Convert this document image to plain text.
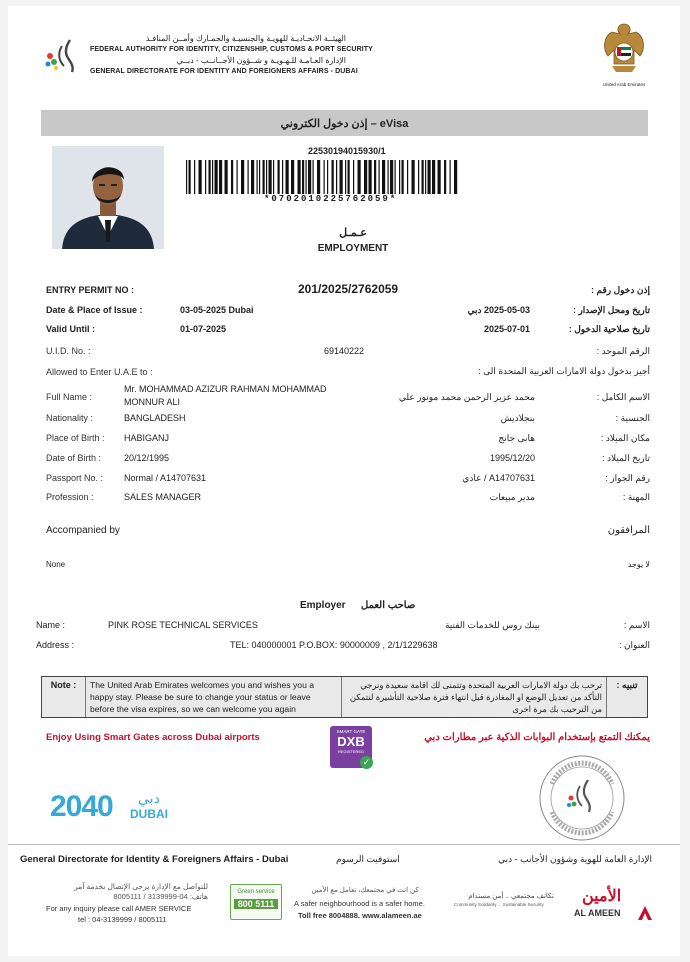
الهيئــة الاتحـاديـة للهويـة والجنسيـة والجمـارك وأمــن المنافـذ
FEDERAL AUTHORITY FOR IDENTITY, CITIZENSHIP, CUSTOMS & PORT SECURITY
الإدارة العـامـة للـهـويـة و شــؤون الأجــانــب - دبــي
GENERAL DIRECTORATE FOR IDENTITY AND FOREIGNERS AFFAIRS - DUBAI
United Arab Emirates
إذن دخول الكتروني – eVisa
22530194015930/1
*0702010225762059*
عـمـل
EMPLOYMENT
ENTRY PERMIT NO :	201/2025/2762059	إذن دخول رقم :
Date & Place of Issue :	03-05-2025 Dubai	2025-05-03 دبي	تاريخ ومحل الإصدار :
Valid Until :	01-07-2025	2025-07-01	تاريخ صلاحية الدخول :
U.I.D. No. :	69140222	الرقم الموحد :
Allowed to Enter U.A.E to :	أجيز بدخول دولة الامارات العربية المتحدة الى :
Full Name :
Mr. MOHAMMAD AZIZUR RAHMAN MOHAMMAD
MONNUR ALI	محمد عزيز الرحمن محمد مونور علي	الاسم الكامل :
Nationality :	BANGLADESH	بنجلاديش	الجنسية :
Place of Birth : HABIGANJ	هابى جانج	مكان الميلاد :
Date of Birth :	20/12/1995	1995/12/20	تاريخ الميلاد :
Passport No. : Normal / A14707631	A14707631 / عادي	رقم الجواز :
Profession :	SALES MANAGER	مدير مبيعات	المهنة :
Accompanied by	المرافقون
None	لا يوجد
Employer صاحب العمل
Name :	PINK ROSE TECHNICAL SERVICES	بينك روس للخدمات الفنية	الاسم :
Address :	TEL: 040000001 P.O.BOX: 90000009 , 2/1/1229638	العنوان :
Note : The United Arab Emirates welcomes you and wishes you a happy stay. Please be sure to change your status or leave before the visa expires, so we can welcome you again
ترحب بك دولة الامارات العربية المتحدة وتتمنى لك اقامة سعيدة ونرجي التأكد من تعديل الوضع او المغادرة قبل انتهاء فترة صلاحية التأشيرة لنتمكن من الترحيب بك مرة اخرى
تنبيه :
Enjoy Using Smart Gates across Dubai airports	يمكنك التمتع بإستخدام البوابات الذكية عبر مطارات دبي
SMART GATE
DXB
REGISTERED
✓
2040 دبي
DUBAI
General Directorate for Identity & Foreigners Affairs - Dubai	استوفيت الرسوم	الإدارة العامة للهوية وشؤون الأجانب - دبي
للتواصل مع الإدارة يرجى الإتصال بخدمة آمر
هاتف: 04-3139999 / 8005111
For any inquiry please call AMER SERVICE
tel : 04-3139999 / 8005111
Green service
800 5111
كن انت في مجتمعك، تعامل مع الأمين
A safer neighbourhood is a safer home.
Toll free 8004888. www.alameen.ae
تكاتف مجتمعي .. أمن مستدام
Community Solidarity ... Sustainable Security الأمين
AL AMEEN
